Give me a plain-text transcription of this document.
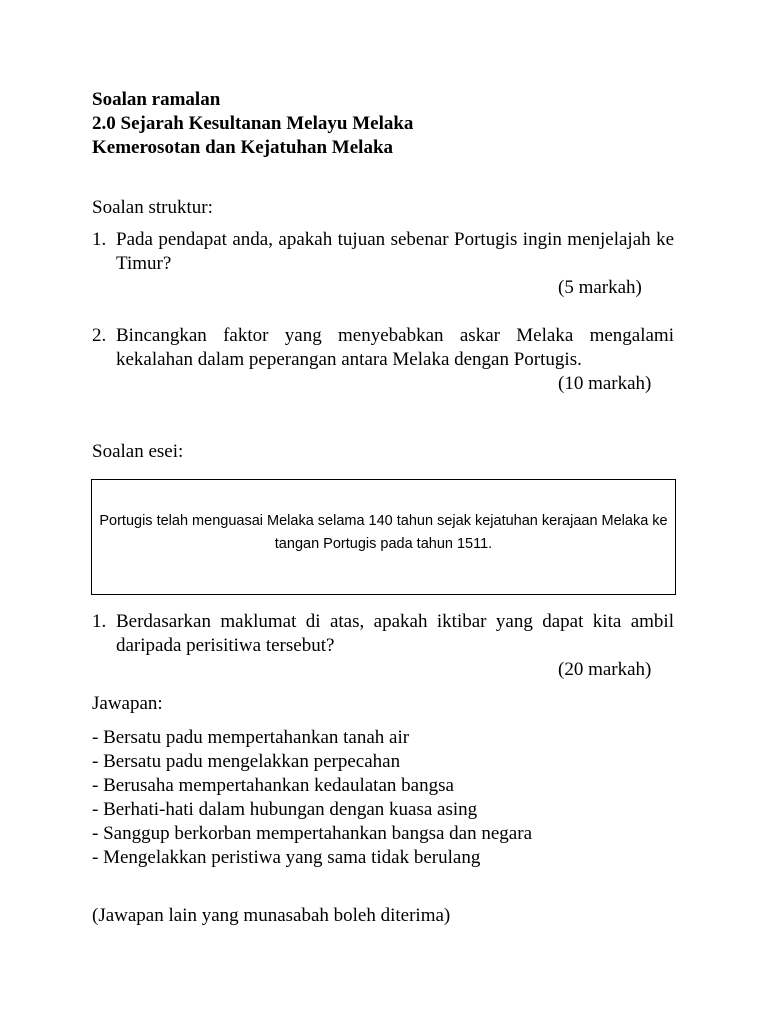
Soalan ramalan
2.0 Sejarah Kesultanan Melayu Melaka
Kemerosotan dan Kejatuhan Melaka
Soalan struktur:
1. Pada pendapat anda, apakah tujuan sebenar Portugis ingin menjelajah ke Timur?
(5 markah)
2. Bincangkan faktor yang menyebabkan askar Melaka mengalami kekalahan dalam peperangan antara Melaka dengan Portugis.
(10 markah)
Soalan esei:
Portugis telah menguasai Melaka selama 140 tahun sejak kejatuhan kerajaan Melaka ke tangan Portugis pada tahun 1511.
1. Berdasarkan maklumat di atas, apakah iktibar yang dapat kita ambil daripada perisitiwa tersebut?
(20 markah)
Jawapan:
- Bersatu padu mempertahankan tanah air
- Bersatu padu mengelakkan perpecahan
- Berusaha mempertahankan kedaulatan bangsa
- Berhati-hati dalam hubungan dengan kuasa asing
- Sanggup berkorban mempertahankan bangsa dan negara
- Mengelakkan peristiwa yang sama tidak berulang
(Jawapan lain yang munasabah boleh diterima)
